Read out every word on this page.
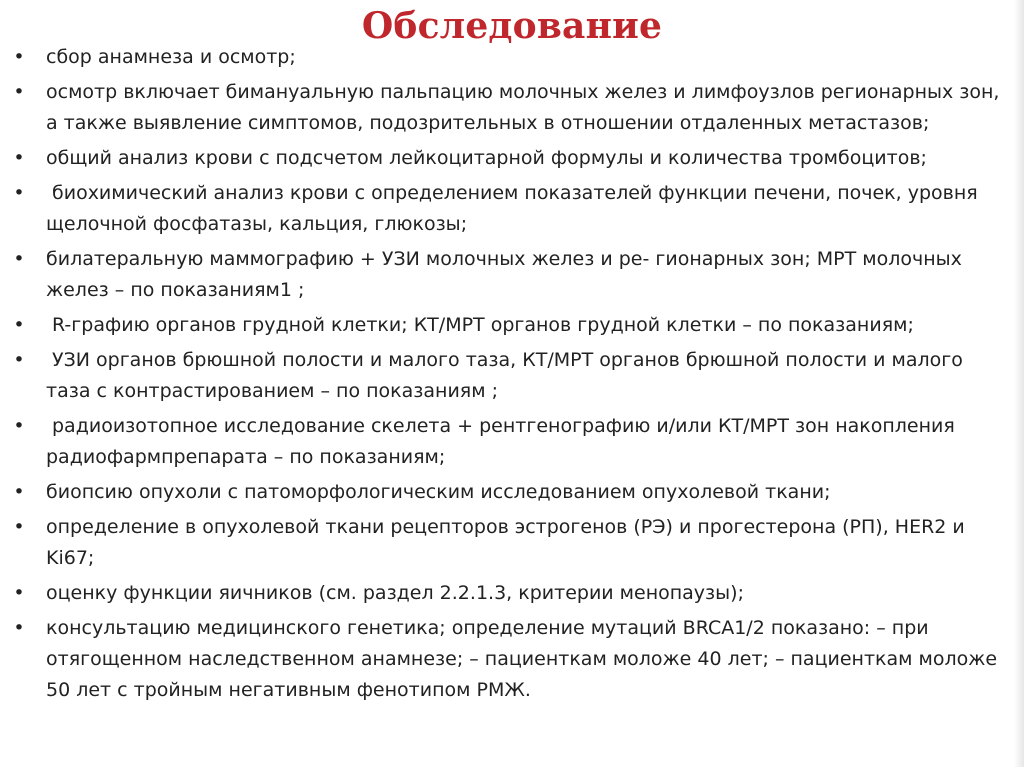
Обследование
• сбор анамнеза и осмотр;
• осмотр включает бимануальную пальпацию молочных желез и лимфоузлов регионарных зон, а также выявление симптомов, подозрительных в отношении отдаленных метастазов;
• общий анализ крови с подсчетом лейкоцитарной формулы и количества тромбоцитов;
• биохимический анализ крови с определением показателей функции печени, почек, уровня щелочной фосфатазы, кальция, глюкозы;
• билатеральную маммографию + УЗИ молочных желез и ре- гионарных зон; МРТ молочных желез – по показаниям1 ;
• R-графию органов грудной клетки; КТ/МРТ органов грудной клетки – по показаниям;
• УЗИ органов брюшной полости и малого таза, КТ/МРТ органов брюшной полости и малого таза с контрастированием – по показаниям ;
• радиоизотопное исследование скелета + рентгенографию и/или КТ/МРТ зон накопления радиофармпрепарата – по показаниям;
• биопсию опухоли с патоморфологическим исследованием опухолевой ткани;
• определение в опухолевой ткани рецепторов эстрогенов (РЭ) и прогестерона (РП), HER2 и Ki67;
• оценку функции яичников (см. раздел 2.2.1.3, критерии менопаузы);
• консультацию медицинского генетика; определение мутаций BRCA1/2 показано: – при отягощенном наследственном анамнезе; – пациенткам моложе 40 лет; – пациенткам моложе 50 лет с тройным негативным фенотипом РМЖ.
